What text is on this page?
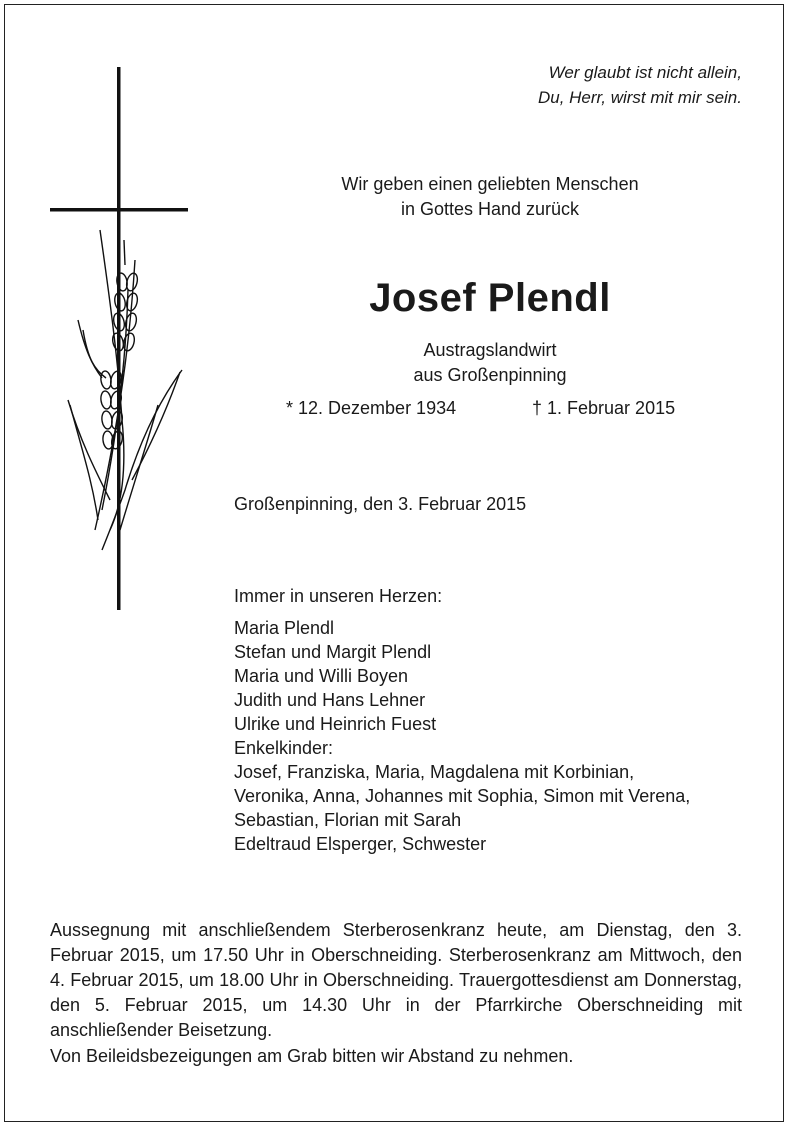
Wer glaubt ist nicht allein,
Du, Herr, wirst mit mir sein.
Wir geben einen geliebten Menschen
in Gottes Hand zurück
Josef Plendl
Austragslandwirt
aus Großenpinning
* 12. Dezember 1934	† 1. Februar 2015
Großenpinning, den 3. Februar 2015
Immer in unseren Herzen:
Maria Plendl
Stefan und Margit Plendl
Maria und Willi Boyen
Judith und Hans Lehner
Ulrike und Heinrich Fuest
Enkelkinder:
Josef, Franziska, Maria, Magdalena mit Korbinian,
Veronika, Anna, Johannes mit Sophia, Simon mit Verena,
Sebastian, Florian mit Sarah
Edeltraud Elsperger, Schwester
Aussegnung mit anschließendem Sterberosenkranz heute, am Dienstag, den 3. Februar 2015, um 17.50 Uhr in Oberschneiding. Sterberosenkranz am Mittwoch, den 4. Februar 2015, um 18.00 Uhr in Oberschneiding. Trauergottesdienst am Donnerstag, den 5. Februar 2015, um 14.30 Uhr in der Pfarrkirche Oberschneiding mit anschließender Beisetzung.
Von Beileidsbezeigungen am Grab bitten wir Abstand zu nehmen.
